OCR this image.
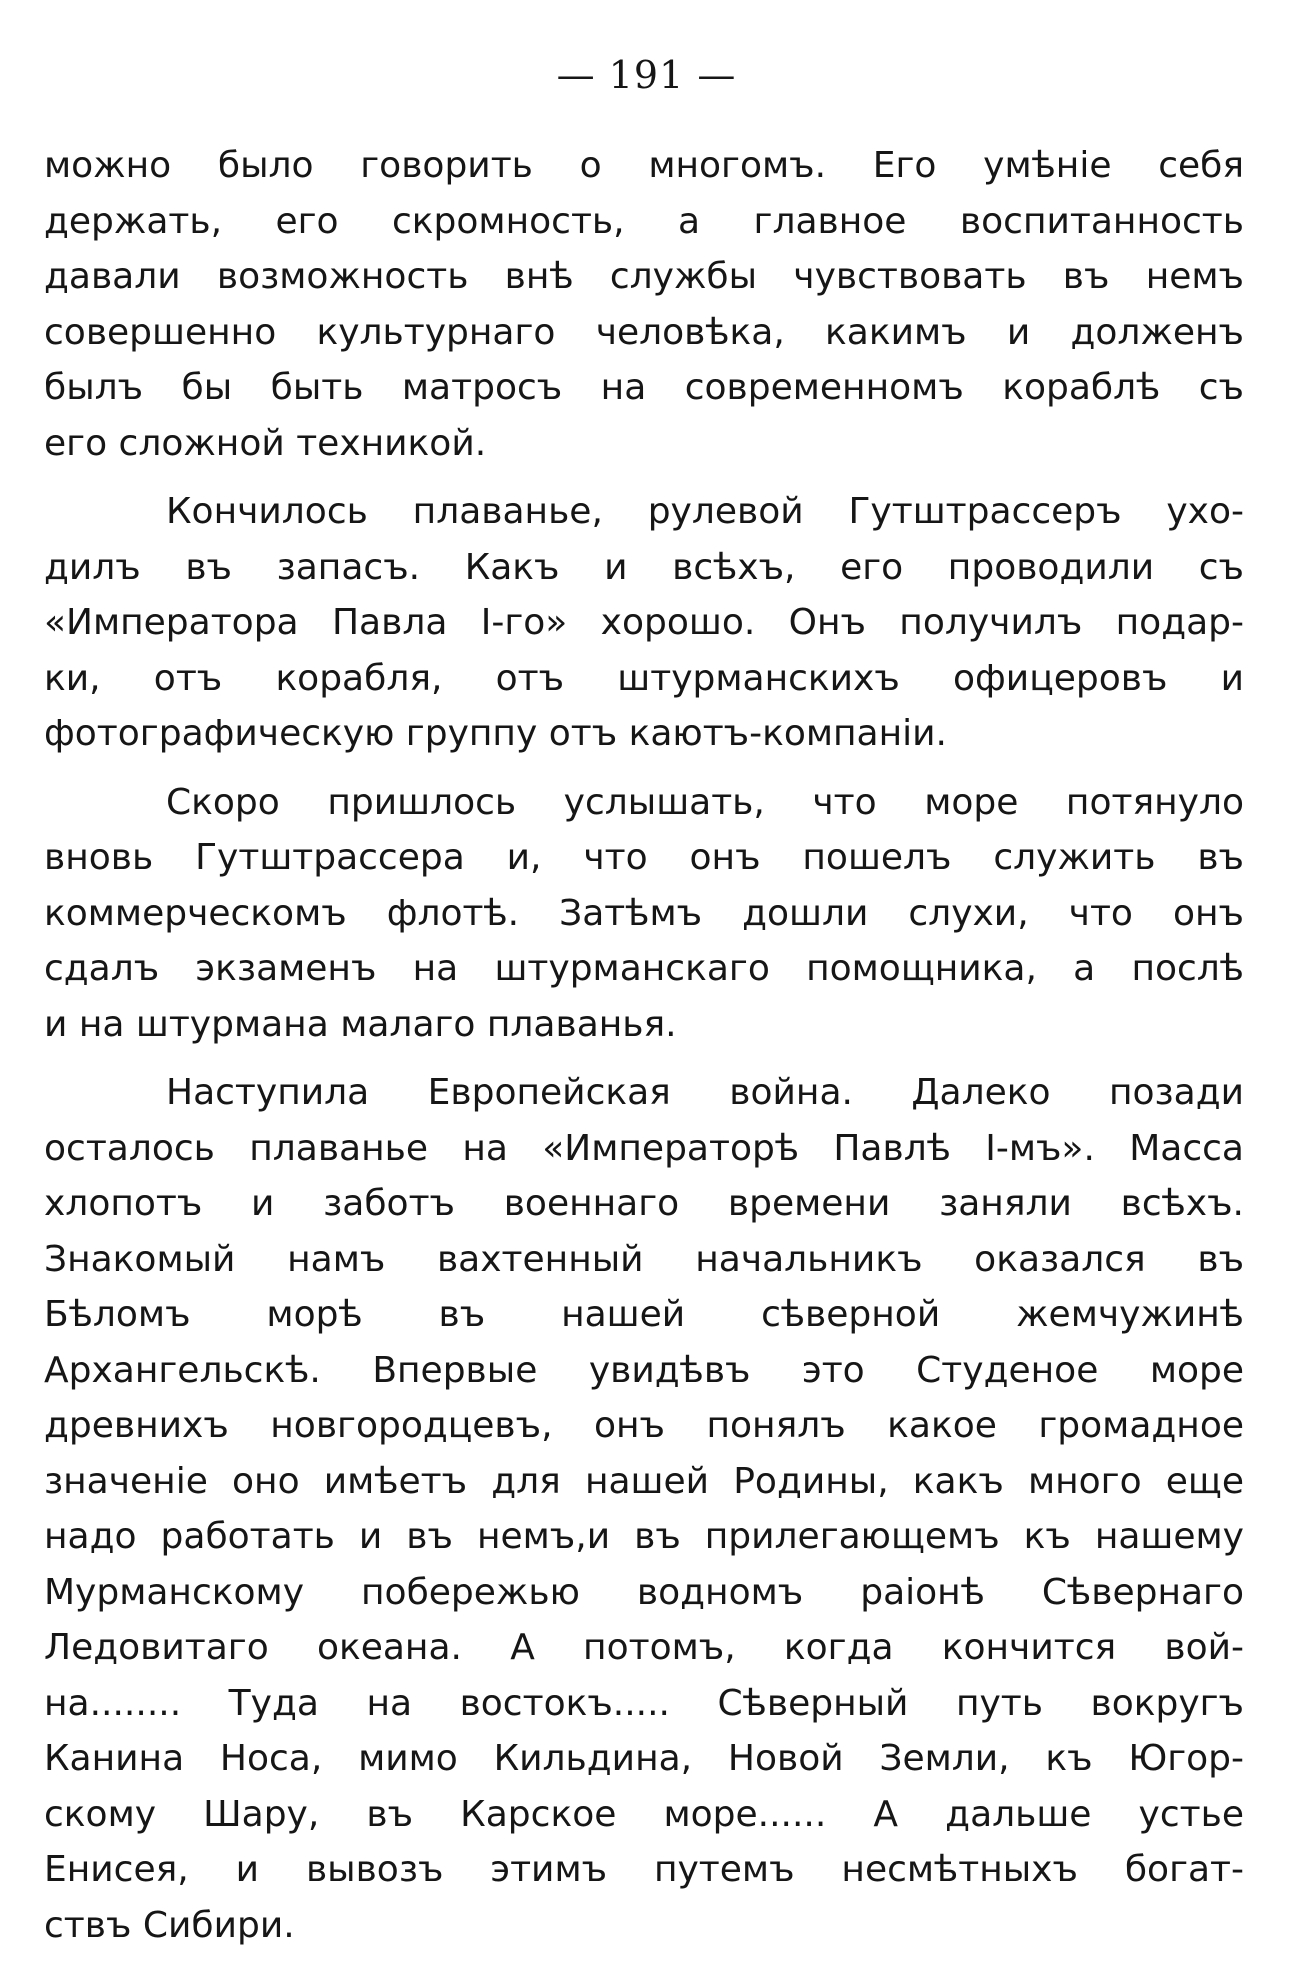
— 191 —
можно было говорить о многомъ. Его умѣніе себя
держать, его скромность, а главное воспитанность
давали возможность внѣ службы чувствовать въ немъ
совершенно культурнаго человѣка, какимъ и долженъ
былъ бы быть матросъ на современномъ кораблѣ съ
его сложной техникой.
Кончилось плаванье, рулевой Гутштрассеръ ухо-
дилъ въ запасъ. Какъ и всѣхъ, его проводили съ
«Императора Павла І-го» хорошо. Онъ получилъ подар-
ки, отъ корабля, отъ штурманскихъ офицеровъ и
фотографическую группу отъ каютъ-компаніи.
Скоро пришлось услышать, что море потянуло
вновь Гутштрассера и, что онъ пошелъ служить въ
коммерческомъ флотѣ. Затѣмъ дошли слухи, что онъ
сдалъ экзаменъ на штурманскаго помощника, а послѣ
и на штурмана малаго плаванья.
Наступила Европейская война. Далеко позади
осталось плаванье на «Императорѣ Павлѣ І-мъ». Масса
хлопотъ и заботъ военнаго времени заняли всѣхъ.
Знакомый намъ вахтенный начальникъ оказался въ
Бѣломъ морѣ въ нашей сѣверной жемчужинѣ
Архангельскѣ. Впервые увидѣвъ это Студеное море
древнихъ новгородцевъ, онъ понялъ какое громадное
значеніе оно имѣетъ для нашей Родины, какъ много еще
надо работать и въ немъ,и въ прилегающемъ къ нашему
Мурманскому побережью водномъ раіонѣ Сѣвернаго
Ледовитаго океана. А потомъ, когда кончится вой-
на........ Туда на востокъ..... Сѣверный путь вокругъ
Канина Носа, мимо Кильдина, Новой Земли, къ Югор-
скому Шару, въ Карское море...... А дальше устье
Енисея, и вывозъ этимъ путемъ несмѣтныхъ богат-
ствъ Сибири.
